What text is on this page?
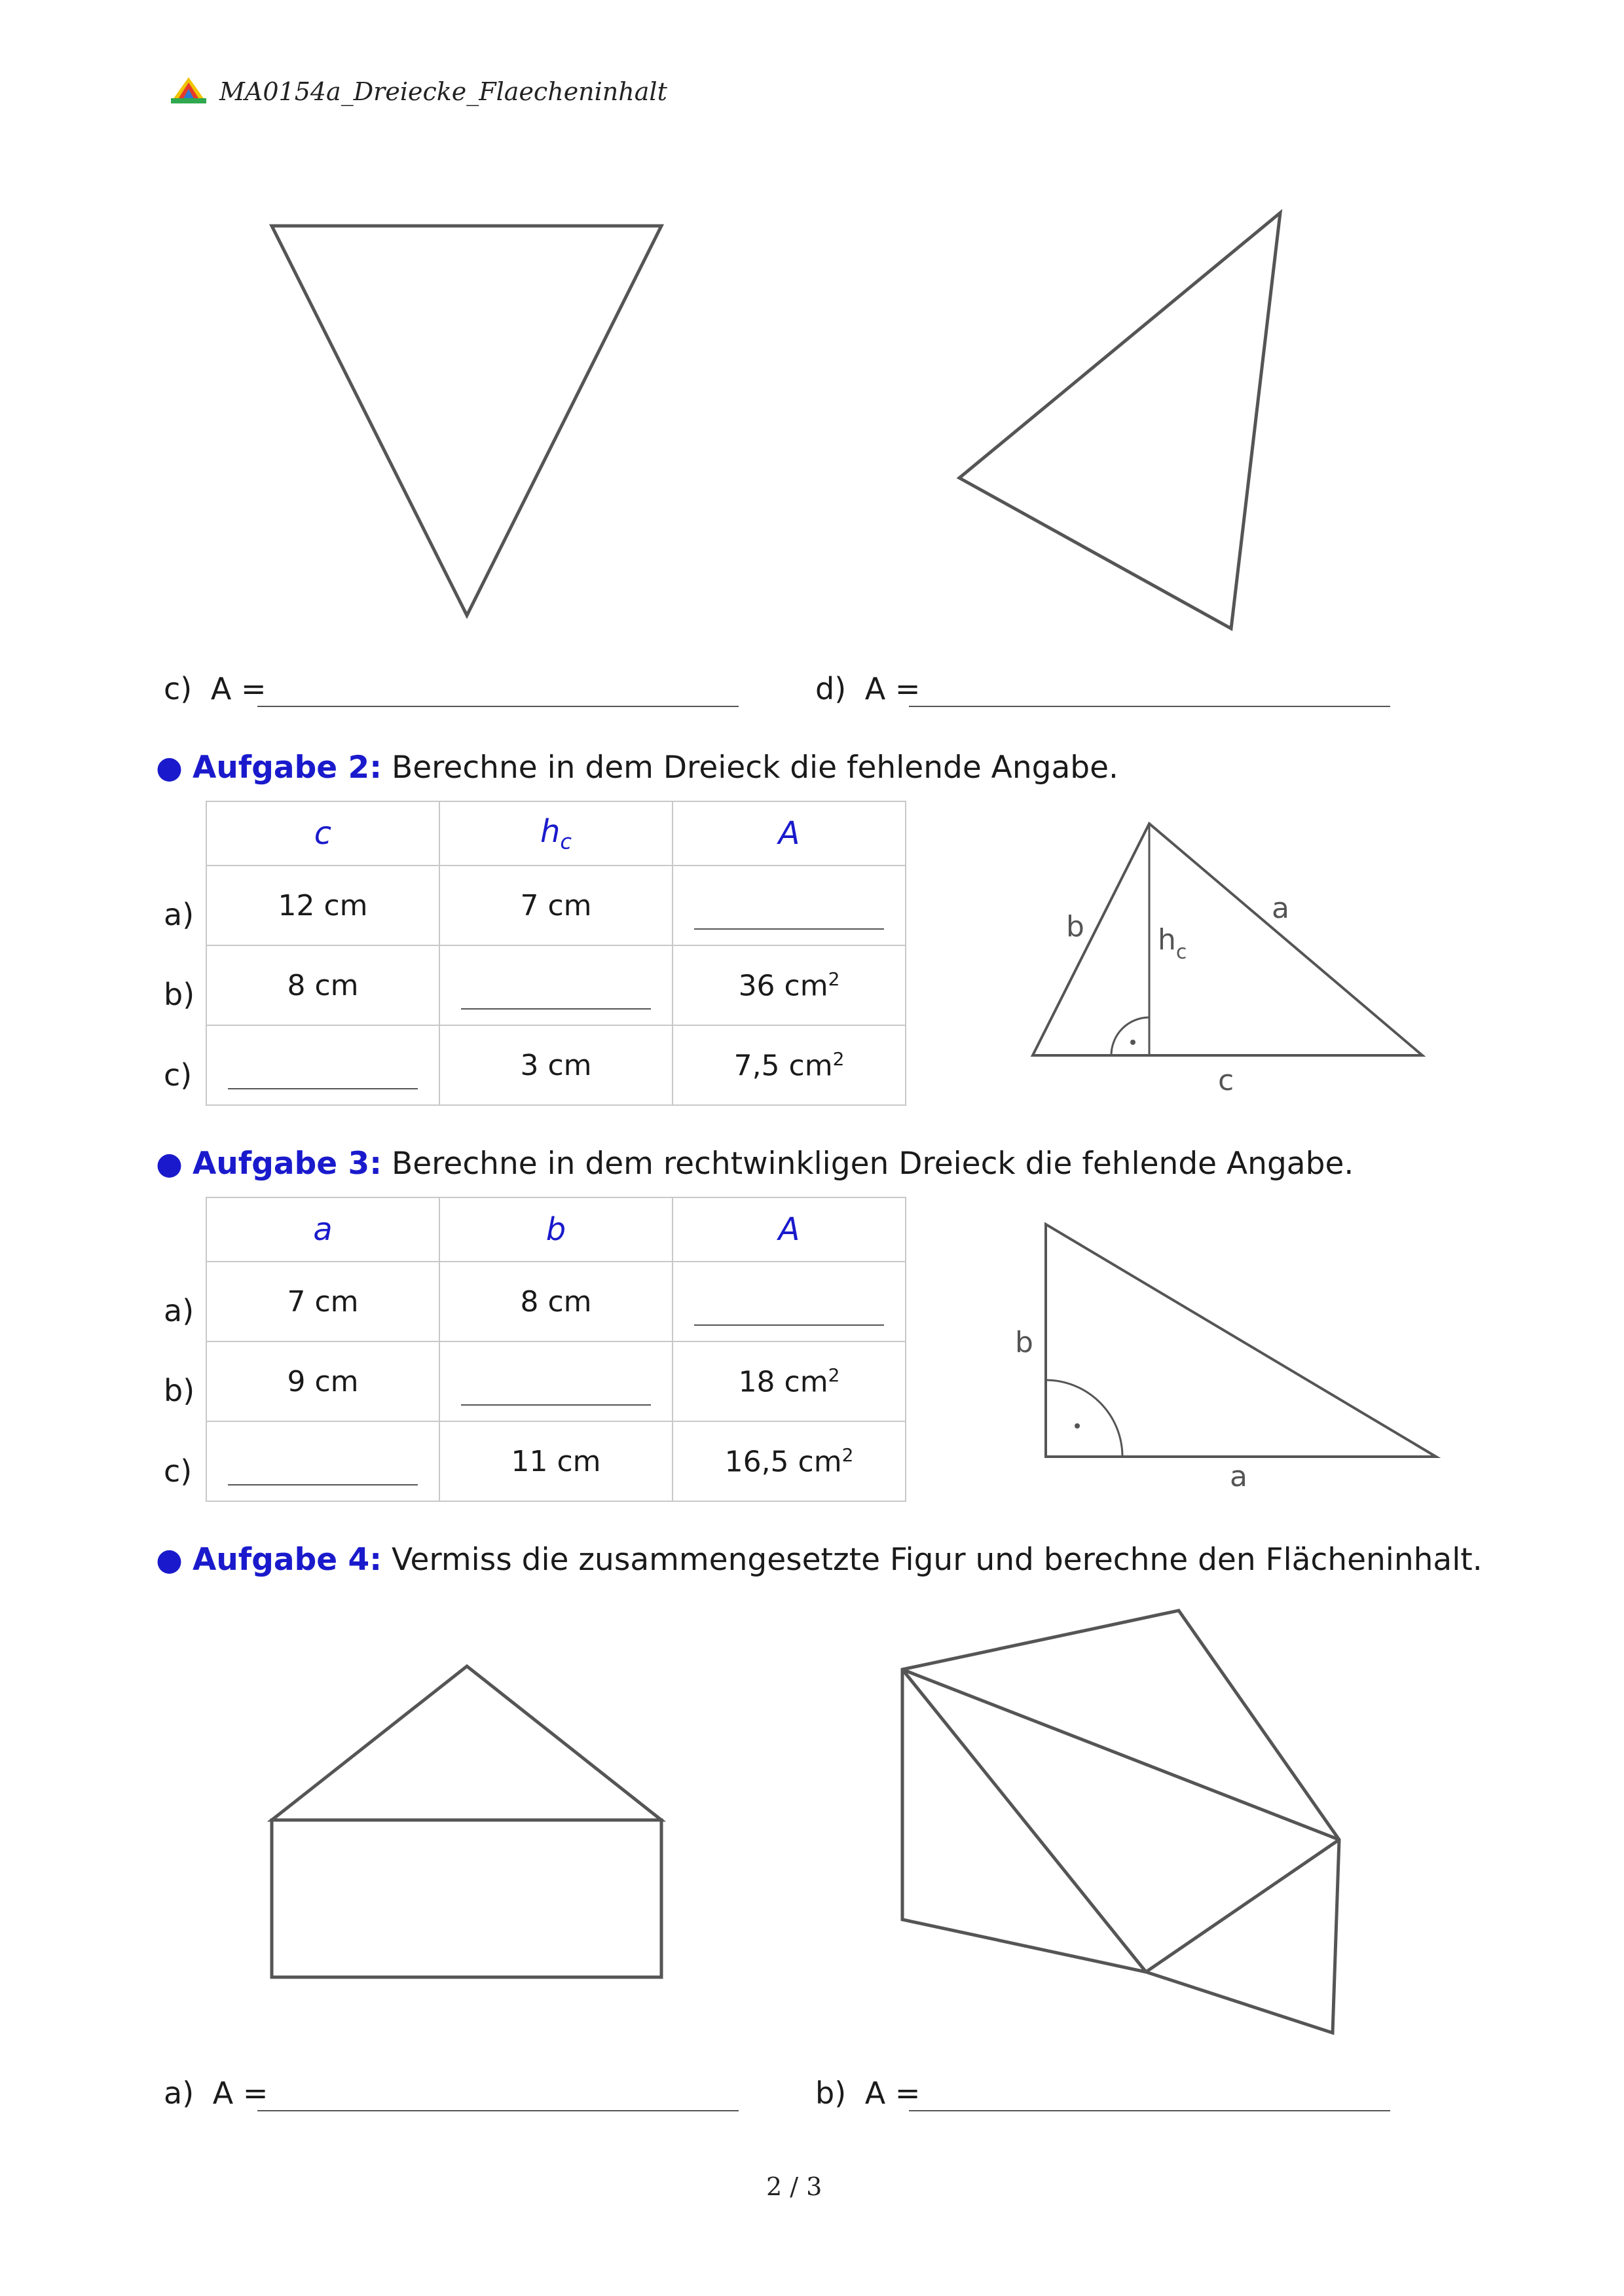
MA0154a_Dreiecke_Flaecheninhalt
b
a
c
$h_c$
b
a
c) A =	d) A =
● Aufgabe 2: Berechne in dem Dreieck die fehlende Angabe.
c	$h_c$	A
12 cm	7 cm	
8 cm		36 $cm^2$
	3 cm	7,5 $cm^2$
a)
b)
c)
● Aufgabe 3: Berechne in dem rechtwinkligen Dreieck die fehlende Angabe.
a	b	A
7 cm	8 cm	
9 cm		18 $cm^2$
	11 cm	16,5 $cm^2$
a)
b)
c)
● Aufgabe 4: Vermiss die zusammengesetzte Figur und berechne den Flächeninhalt.
a) A =	b) A =
2 / 3
